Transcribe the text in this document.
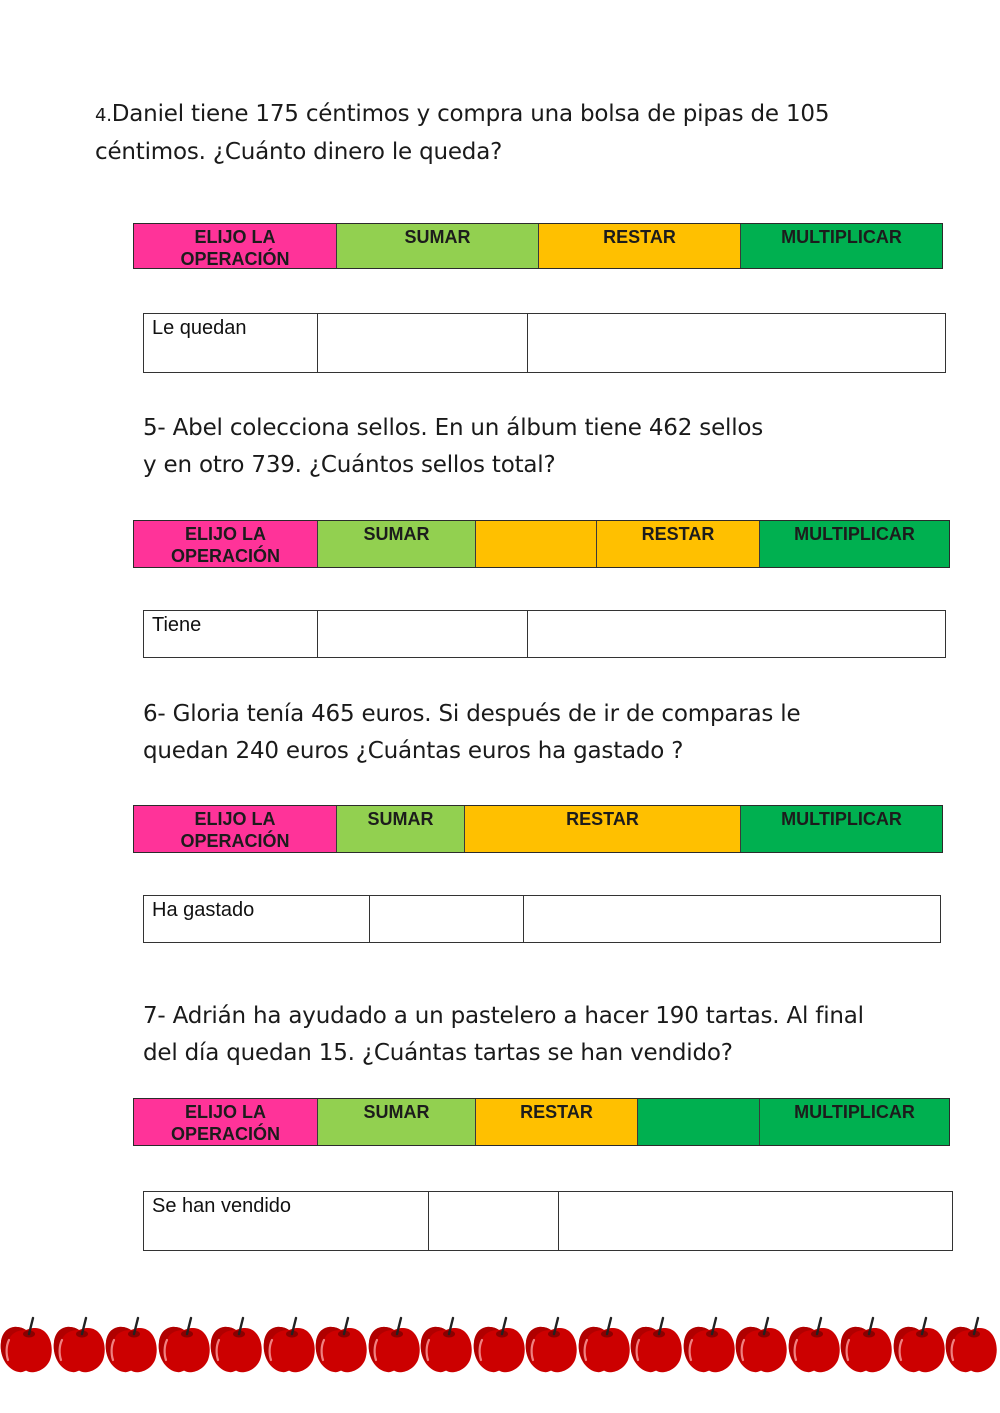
4.Daniel tiene 175 céntimos y compra una bolsa de pipas de 105
céntimos. ¿Cuánto dinero le queda?
ELIJO LA
OPERACIÓN
SUMAR	RESTAR	MULTIPLICAR
Le quedan
5- Abel colecciona sellos. En un álbum tiene 462 sellos
y en otro 739. ¿Cuántos sellos total?
ELIJO LA
OPERACIÓN
SUMAR	RESTAR	MULTIPLICAR
Tiene
6- Gloria tenía 465 euros. Si después de ir de comparas le
quedan 240 euros ¿Cuántas euros ha gastado ?
ELIJO LA
OPERACIÓN
SUMAR	RESTAR	MULTIPLICAR
Ha gastado
7- Adrián ha ayudado a un pastelero a hacer 190 tartas. Al final
del día quedan 15. ¿Cuántas tartas se han vendido?
ELIJO LA
OPERACIÓN
SUMAR	RESTAR	MULTIPLICAR
Se han vendido
